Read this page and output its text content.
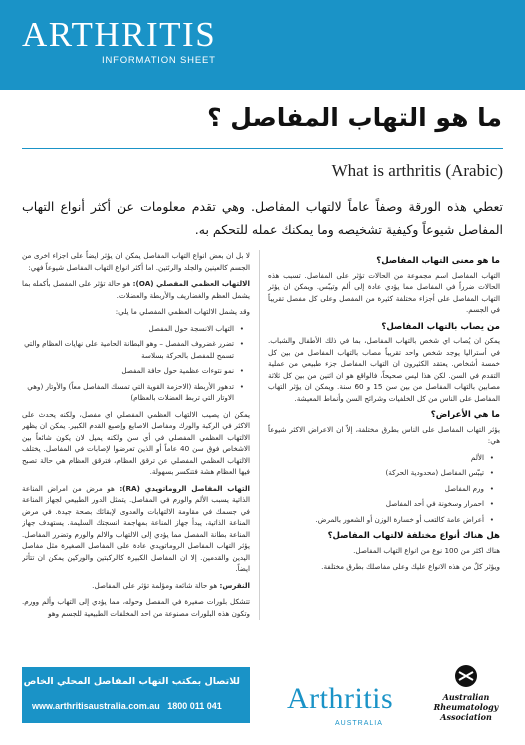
ARTHRITIS
INFORMATION SHEET
ما هو التهاب المفاصل ؟
What is arthritis (Arabic)
تعطي هذه الورقة وصفاً عاماً لالتهاب المفاصل. وهي تقدم معلومات عن أكثر أنواع التهاب المفاصل شيوعاً وكيفية تشخيصه وما يمكنك عمله للتحكم به.
ما هو معنى التهاب المفاصل؟
التهاب المفاصل اسم مجموعة من الحالات تؤثر على المفاصل. تسبب هذه الحالات ضرراً في المفاصل مما يؤدي عادة إلى ألم وتيبّس. ويمكن ان يؤثر التهاب المفاصل على أجزاء مختلفة كثيرة من المفصل وعلى كل مفصل تقريباً في الجسم.
من يصاب بالتهاب المفاصل؟
يمكن ان يُصاب اي شخص بالتهاب المفاصل، بما في ذلك الأطفال والشباب. في أستراليا يوجد شخص واحد تقريباً مصاب بالتهاب المفاصل من بين كل خمسة أشخاص. يعتقد الكثيرون ان التهاب المفاصل جزء طبيعي من عملية التقدم في السن. لكن هذا ليس صحيحاً، فالواقع هو ان اثنين من بين كل ثلاثة مصابين بالتهاب المفاصل من بين سن 15 و 60 سنة. ويمكن ان يؤثر التهاب المفاصل على الناس من كل الخلفيات وشرائح السن وأنماط المعيشة.
ما هي الأعراض؟
يؤثر التهاب المفاصل على الناس بطرق مختلفة، إلاّ ان الاعراض الاكثر شيوعاً هي:
• الألم
• تيبّس المفاصل (محدودية الحركة)
• ورم المفاصل
• احمرار وسخونة في أحد المفاصل
• أعراض عامة كالتعب أو خسارة الوزن أو الشعور بالمرض.
هل هناك أنواع مختلفة لالتهاب المفاصل؟
هناك اكثر من 100 نوع من انواع التهاب المفاصل.
ويؤثر كلٌ من هذه الانواع عليك وعلى مفاصلك بطرق مختلفة.
لا بل ان بعض انواع التهاب المفاصل يمكن ان يؤثر ايضاً على اجزاء اخرى من الجسم كالعينين والجلد والرئتين. اما أكثر انواع التهاب المفاصل شيوعاً فهي:
الالتهاب العظمي المفصلي (OA): هو حالة تؤثر على المفصل بأكمله بما يشمل العظم والغضاريف والأربطة والعضلات.
وقد يشمل الالتهاب العظمي المفصلي ما يلي:
• التهاب الانسجة حول المفصل
• تضرر غضروف المفصل – وهو البطانة الحامية على نهايات العظام والتي تسمح للمفصل بالحركة بسلاسة
• نمو نتوءات عظمية حول حافة المفصل
• تدهور الأربطة (الاحزمة القوية التي تمسك المفاصل معاً) والأوتار (وهي الاوتار التي تربط العضلات بالعظام)
يمكن ان يصيب الالتهاب العظمي المفصلي اي مفصل، ولكنه يحدث على الاكثر في الركبة والورك ومفاصل الاصابع وإصبع القدم الكبير. يمكن ان يظهر الالتهاب العظمي المفصلي في أي سن ولكنه يميل لان يكون شائعاً بين الاشخاص فوق سن 40 عاماً أو الذين تعرضوا لإصابات في المفاصل. يختلف الالتهاب العظمي المفصلي عن ترقق العظام، فترقق العظام هي حالة تصبح فيها العظام هشة فتنكسر بسهولة.
التهاب المفاصل الروماتويدي (RA): هو مرض من امراض المناعة الذاتية يسبب الألم والورم في المفاصل. يتمثل الدور الطبيعي لجهاز المناعة في جسمك في مقاومة الالتهابات والعدوى لإبقائك بصحة جيدة. في مرض المناعة الذاتية، يبدأ جهاز المناعة بمهاجمة انسجتك السليمة. يستهدف جهاز المناعة بطانة المفصل مما يؤدي إلى الالتهاب والالم والورم وتضرر المفاصل. يؤثر التهاب المفاصل الروماتويدي عادة على المفاصل الصغيرة مثل مفاصل اليدين والقدمين. إلا ان المفاصل الكبيرة كالركبتين والوركين يمكن ان تتأثر ايضاً.
النقرس: هو حالة شائعة ومؤلمة تؤثر على المفاصل.
تتشكل بلورات صغيرة في المفصل وحوله، مما يؤدي إلى التهاب وألم وورم. وتكون هذه البلورات مصنوعة من احد المخلفات الطبيعية للجسم وهو
للاتصال بمكتب التهاب المفاصل المحلي الخاص بك:
www.arthritisaustralia.com.au 1800 011 041 Arthritis
AUSTRALIA
Australian
Rheumatology
Association
